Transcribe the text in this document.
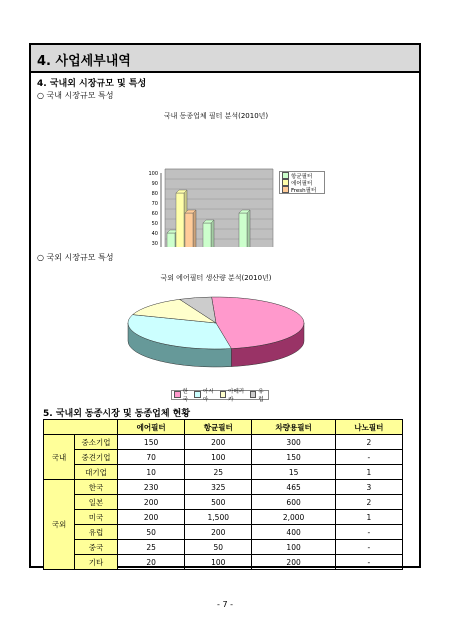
4. 사업세부내역
4. 국내외 시장규모 및 특성
○ 국내 시장규모 특성
국내 동종업체 필터 분석(2010년)
100
90
80
70
60
50
40
30
항균필터
에어필터
Fresh필터
○ 국외 시장규모 특성
국외 에어필터 생산량 분석(2010년)
한국
아시아
아메리카
유럽
5. 국내외 동종시장 및 동종업체 현황
		에어필터	항균필터	차량용필터	나노필터
국내	중소기업	150	200	300	2
	중견기업	70	100	150	-
	대기업	10	25	15	1
국외	한국	230	325	465	3
	일본	200	500	600	2
	미국	200	1,500	2,000	1
	유럽	50	200	400	-
	중국	25	50	100	-
	기타	20	100	200	-
- 7 -
